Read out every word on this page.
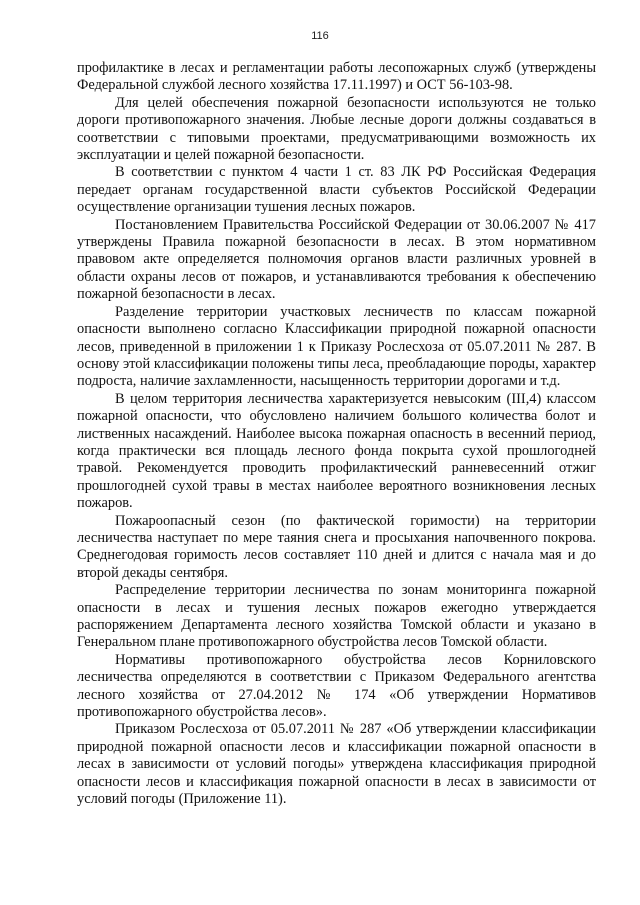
116

профилактике в лесах и регламентации работы лесопожарных служб (утверждены Федеральной службой лесного хозяйства 17.11.1997) и ОСТ 56-103-98.

Для целей обеспечения пожарной безопасности используются не только дороги противопожарного значения. Любые лесные дороги должны создаваться в соответствии с типовыми проектами, предусматривающими возможность их эксплуатации и целей пожарной безопасности.

В соответствии с пунктом 4 части 1 ст. 83 ЛК РФ Российская Федерация передает органам государственной власти субъектов Российской Федерации осуществление организации тушения лесных пожаров.

Постановлением Правительства Российской Федерации от 30.06.2007 № 417 утверждены Правила пожарной безопасности в лесах. В этом нормативном правовом акте определяется полномочия органов власти различных уровней в области охраны лесов от пожаров, и устанавливаются требования к обеспечению пожарной безопасности в лесах.

Разделение территории участковых лесничеств по классам пожарной опасности выполнено согласно Классификации природной пожарной опасности лесов, приведенной в приложении 1 к Приказу Рослесхоза от 05.07.2011 № 287. В основу этой классификации положены типы леса, преобладающие породы, характер подроста, наличие захламленности, насыщенность территории дорогами и т.д.

В целом территория лесничества характеризуется невысоким (III,4) классом пожарной опасности, что обусловлено наличием большого количества болот и лиственных насаждений. Наиболее высока пожарная опасность в весенний период, когда практически вся площадь лесного фонда покрыта сухой прошлогодней травой. Рекомендуется проводить профилактический ранневесенний отжиг прошлогодней сухой травы в местах наиболее вероятного возникновения лесных пожаров.

Пожароопасный сезон (по фактической горимости) на территории лесничества наступает по мере таяния снега и просыхания напочвенного покрова. Среднегодовая горимость лесов составляет 110 дней и длится с начала мая и до второй декады сентября.

Распределение территории лесничества по зонам мониторинга пожарной опасности в лесах и тушения лесных пожаров ежегодно утверждается распоряжением Департамента лесного хозяйства Томской области и указано в Генеральном плане противопожарного обустройства лесов Томской области.

Нормативы противопожарного обустройства лесов Корниловского лесничества определяются в соответствии с Приказом Федерального агентства лесного хозяйства от 27.04.2012 № 174 «Об утверждении Нормативов противопожарного обустройства лесов».

Приказом Рослесхоза от 05.07.2011 № 287 «Об утверждении классификации природной пожарной опасности лесов и классификации пожарной опасности в лесах в зависимости от условий погоды» утверждена классификация природной опасности лесов и классификация пожарной опасности в лесах в зависимости от условий погоды (Приложение 11).
